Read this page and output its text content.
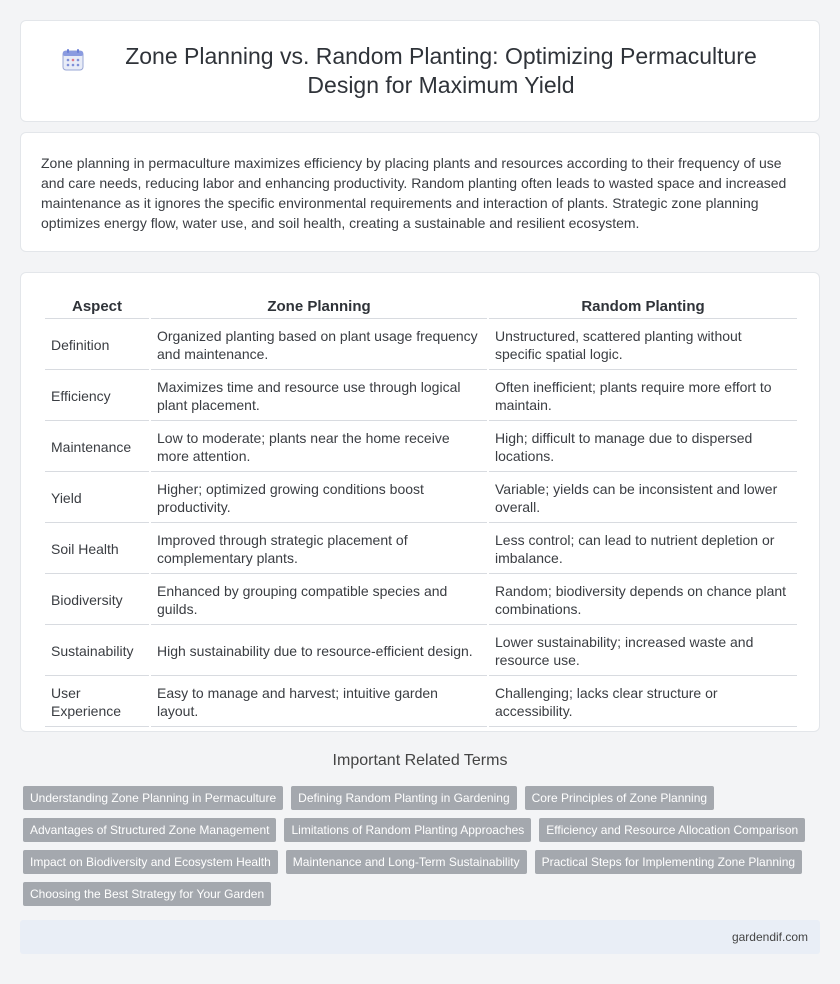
Zone Planning vs. Random Planting: Optimizing Permaculture Design for Maximum Yield

Zone planning in permaculture maximizes efficiency by placing plants and resources according to their frequency of use and care needs, reducing labor and enhancing productivity. Random planting often leads to wasted space and increased maintenance as it ignores the specific environmental requirements and interaction of plants. Strategic zone planning optimizes energy flow, water use, and soil health, creating a sustainable and resilient ecosystem.

Aspect	Zone Planning	Random Planting
Definition	Organized planting based on plant usage frequency and maintenance.	Unstructured, scattered planting without specific spatial logic.
Efficiency	Maximizes time and resource use through logical plant placement.	Often inefficient; plants require more effort to maintain.
Maintenance	Low to moderate; plants near the home receive more attention.	High; difficult to manage due to dispersed locations.
Yield	Higher; optimized growing conditions boost productivity.	Variable; yields can be inconsistent and lower overall.
Soil Health	Improved through strategic placement of complementary plants.	Less control; can lead to nutrient depletion or imbalance.
Biodiversity	Enhanced by grouping compatible species and guilds.	Random; biodiversity depends on chance plant combinations.
Sustainability	High sustainability due to resource-efficient design.	Lower sustainability; increased waste and resource use.
User Experience	Easy to manage and harvest; intuitive garden layout.	Challenging; lacks clear structure or accessibility.
Important Related Terms
Understanding Zone Planning in Permaculture	Defining Random Planting in Gardening	Core Principles of Zone Planning
Advantages of Structured Zone Management	Limitations of Random Planting Approaches	Efficiency and Resource Allocation Comparison
Impact on Biodiversity and Ecosystem Health	Maintenance and Long-Term Sustainability	Practical Steps for Implementing Zone Planning
Choosing the Best Strategy for Your Garden
gardendif.com
